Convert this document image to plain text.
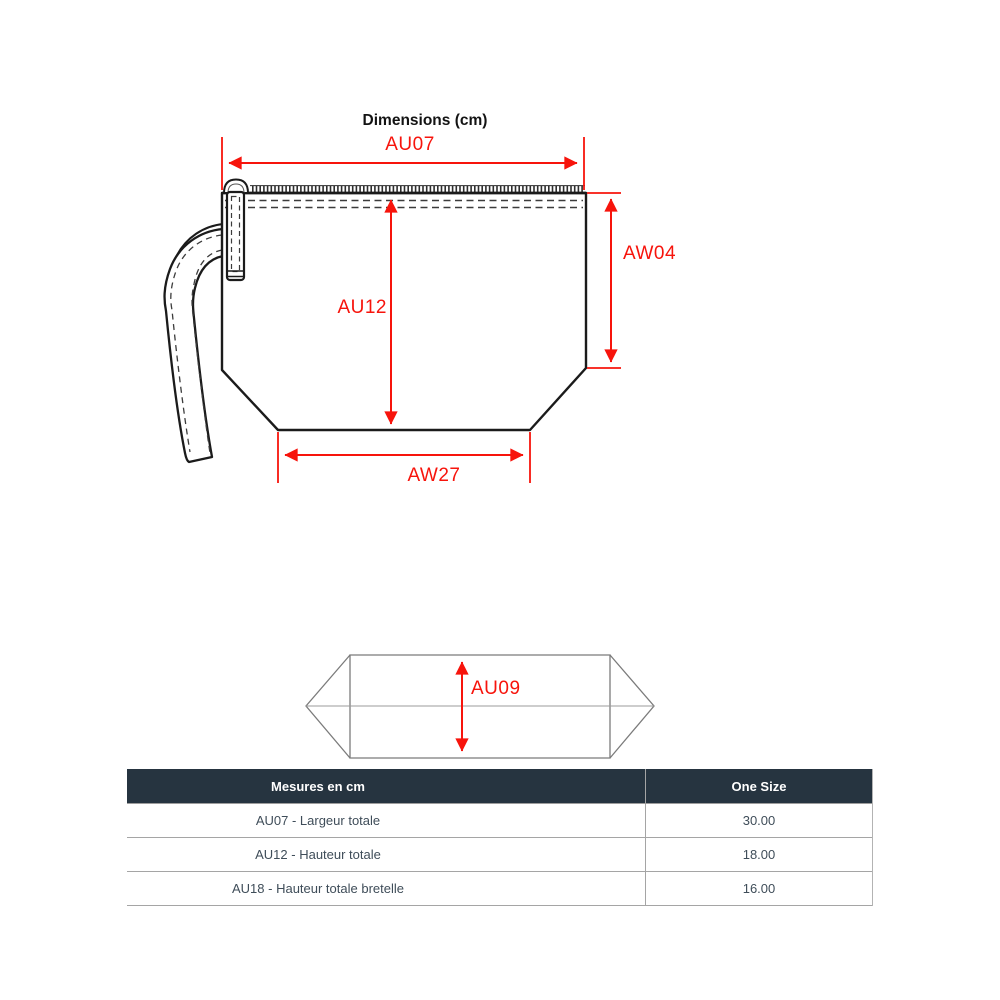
Dimensions (cm)
AU07
AU12
AW04
AW27
AU09
Mesures en cm	One Size
AU07 - Largeur totale	30.00
AU12 - Hauteur totale	18.00
AU18 - Hauteur totale bretelle	16.00
